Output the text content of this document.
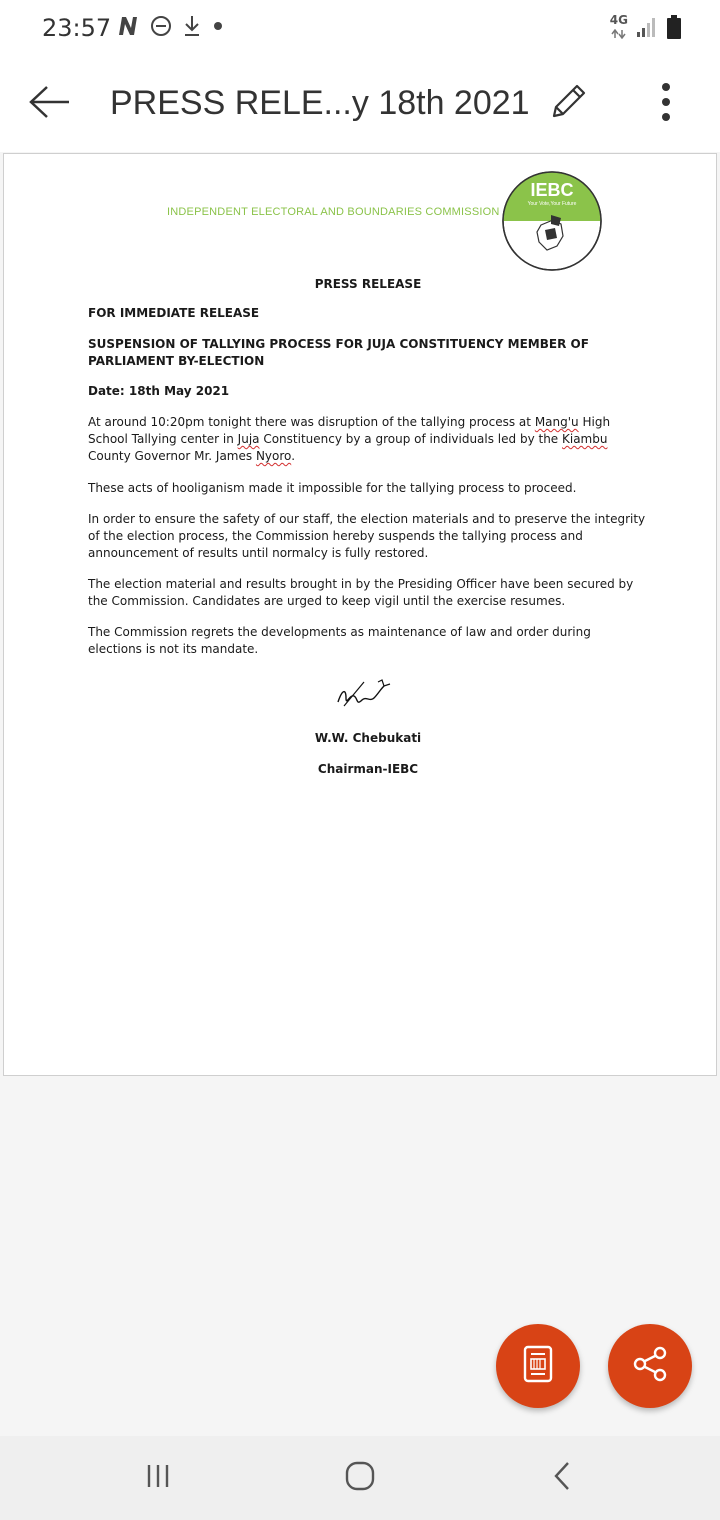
23:57	4G
PRESS RELE...y 18th 2021
INDEPENDENT ELECTORAL AND BOUNDARIES COMMISSION
IEBC
Your Vote,Your Future
PRESS RELEASE
FOR IMMEDIATE RELEASE
SUSPENSION OF TALLYING PROCESS FOR JUJA CONSTITUENCY MEMBER OF PARLIAMENT BY-ELECTION
Date: 18th May 2021
At around 10:20pm tonight there was disruption of the tallying process at Mang'u High School Tallying center in Juja Constituency by a group of individuals led by the Kiambu County Governor Mr. James Nyoro.
These acts of hooliganism made it impossible for the tallying process to proceed.
In order to ensure the safety of our staff, the election materials and to preserve the integrity of the election process, the Commission hereby suspends the tallying process and announcement of results until normalcy is fully restored.
The election material and results brought in by the Presiding Officer have been secured by the Commission. Candidates are urged to keep vigil until the exercise resumes.
The Commission regrets the developments as maintenance of law and order during elections is not its mandate.
W.W. Chebukati
Chairman-IEBC
